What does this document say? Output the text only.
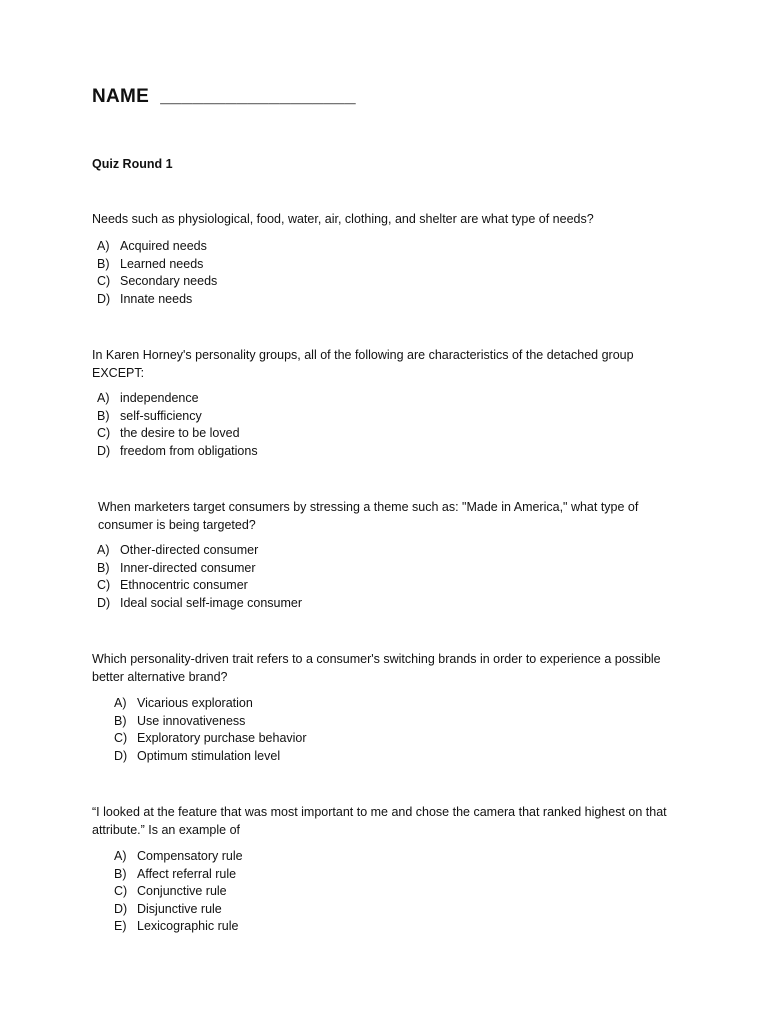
NAME  __________________
Quiz Round 1
Needs such as physiological, food, water, air, clothing, and shelter are what type of needs?
A) Acquired needs
B) Learned needs
C) Secondary needs
D) Innate needs
In Karen Horney's personality groups, all of the following are characteristics of the detached group EXCEPT:
A) independence
B) self-sufficiency
C) the desire to be loved
D) freedom from obligations
When marketers target consumers by stressing a theme such as: "Made in America," what type of consumer is being targeted?
A) Other-directed consumer
B) Inner-directed consumer
C) Ethnocentric consumer
D) Ideal social self-image consumer
Which personality-driven trait refers to a consumer's switching brands in order to experience a possible better alternative brand?
A) Vicarious exploration
B) Use innovativeness
C) Exploratory purchase behavior
D) Optimum stimulation level
“I looked at the feature that was most important to me and chose the camera that ranked highest on that attribute.” Is an example of
A) Compensatory rule
B) Affect referral rule
C) Conjunctive rule
D) Disjunctive rule
E) Lexicographic rule
